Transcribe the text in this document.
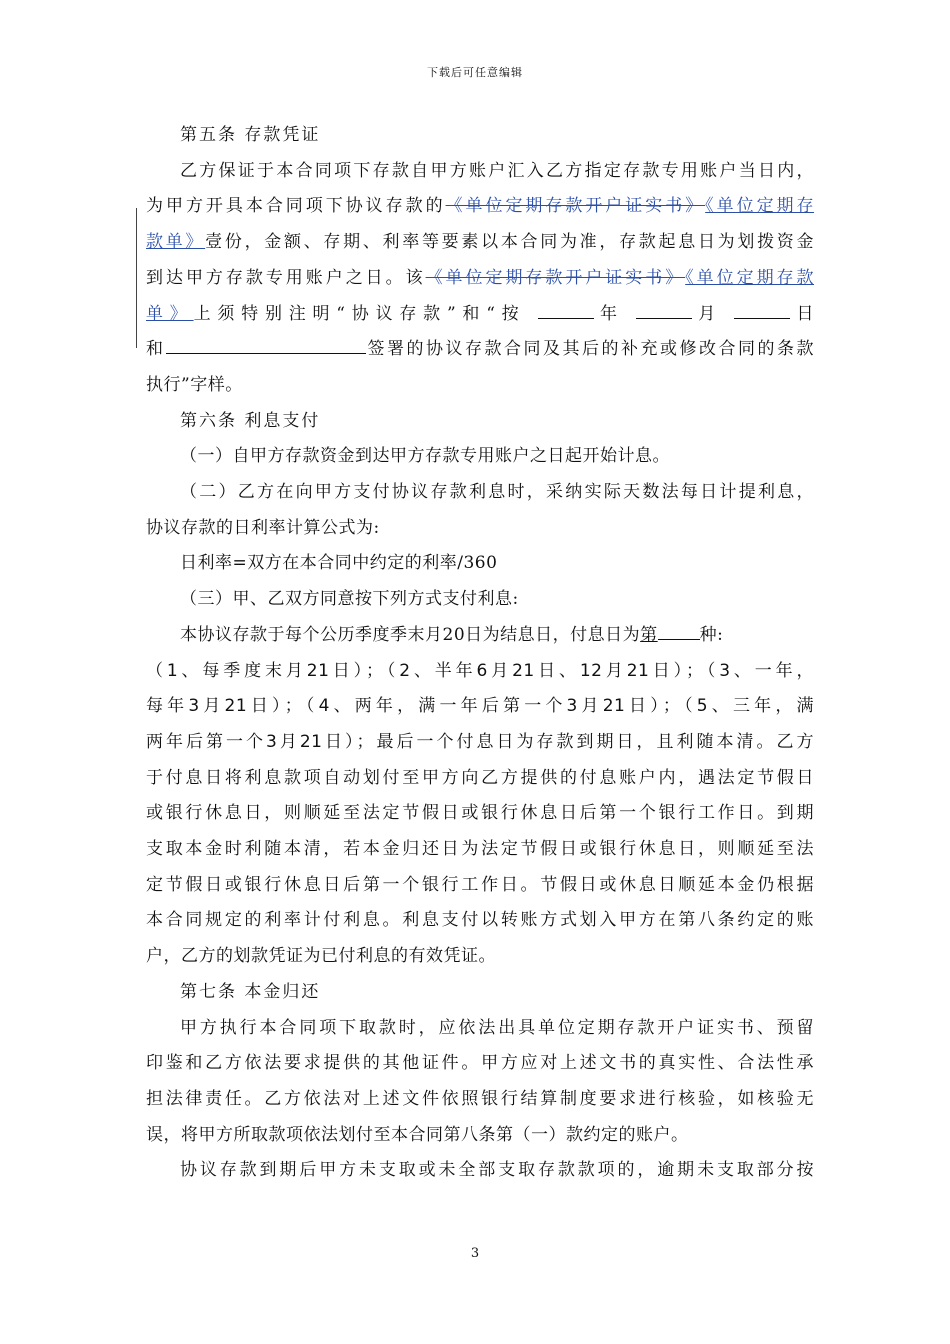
下载后可任意编辑

第五条 存款凭证

乙方保证于本合同项下存款自甲方账户汇入乙方指定存款专用账户当日内，

为甲方开具本合同项下协议存款的《单位定期存款开户证实书》《单位定期存

款单》壹份，金额、存期、利率等要素以本合同为准，存款起息日为划拨资金

到达甲方存款专用账户之日。该《单位定期存款开户证实书》《单位定期存款

单》上须特别注明“协议存款”和“按	年	月	日

和	签署的协议存款合同及其后的补充或修改合同的条款

执行”字样。

第六条 利息支付

（一）自甲方存款资金到达甲方存款专用账户之日起开始计息。

（二）乙方在向甲方支付协议存款利息时，采纳实际天数法每日计提利息，

协议存款的日利率计算公式为:

日利率=双方在本合同中约定的利率/360

（三）甲、乙双方同意按下列方式支付利息:

本协议存款于每个公历季度季末月20日为结息日，付息日为第 种:

（1、每季度末月21日）；（2、半年6月21日、12月21日）；（3、一年，

每年3月21日）；（4、两年，满一年后第一个3月21日）；（5、三年，满

两年后第一个3月21日）；最后一个付息日为存款到期日，且利随本清。乙方

于付息日将利息款项自动划付至甲方向乙方提供的付息账户内，遇法定节假日

或银行休息日，则顺延至法定节假日或银行休息日后第一个银行工作日。到期

支取本金时利随本清，若本金归还日为法定节假日或银行休息日，则顺延至法

定节假日或银行休息日后第一个银行工作日。节假日或休息日顺延本金仍根据

本合同规定的利率计付利息。利息支付以转账方式划入甲方在第八条约定的账

户，乙方的划款凭证为已付利息的有效凭证。

第七条 本金归还

甲方执行本合同项下取款时，应依法出具单位定期存款开户证实书、预留

印鉴和乙方依法要求提供的其他证件。甲方应对上述文书的真实性、合法性承

担法律责任。乙方依法对上述文件依照银行结算制度要求进行核验，如核验无

误，将甲方所取款项依法划付至本合同第八条第（一）款约定的账户。

协议存款到期后甲方未支取或未全部支取存款款项的，逾期未支取部分按

3
